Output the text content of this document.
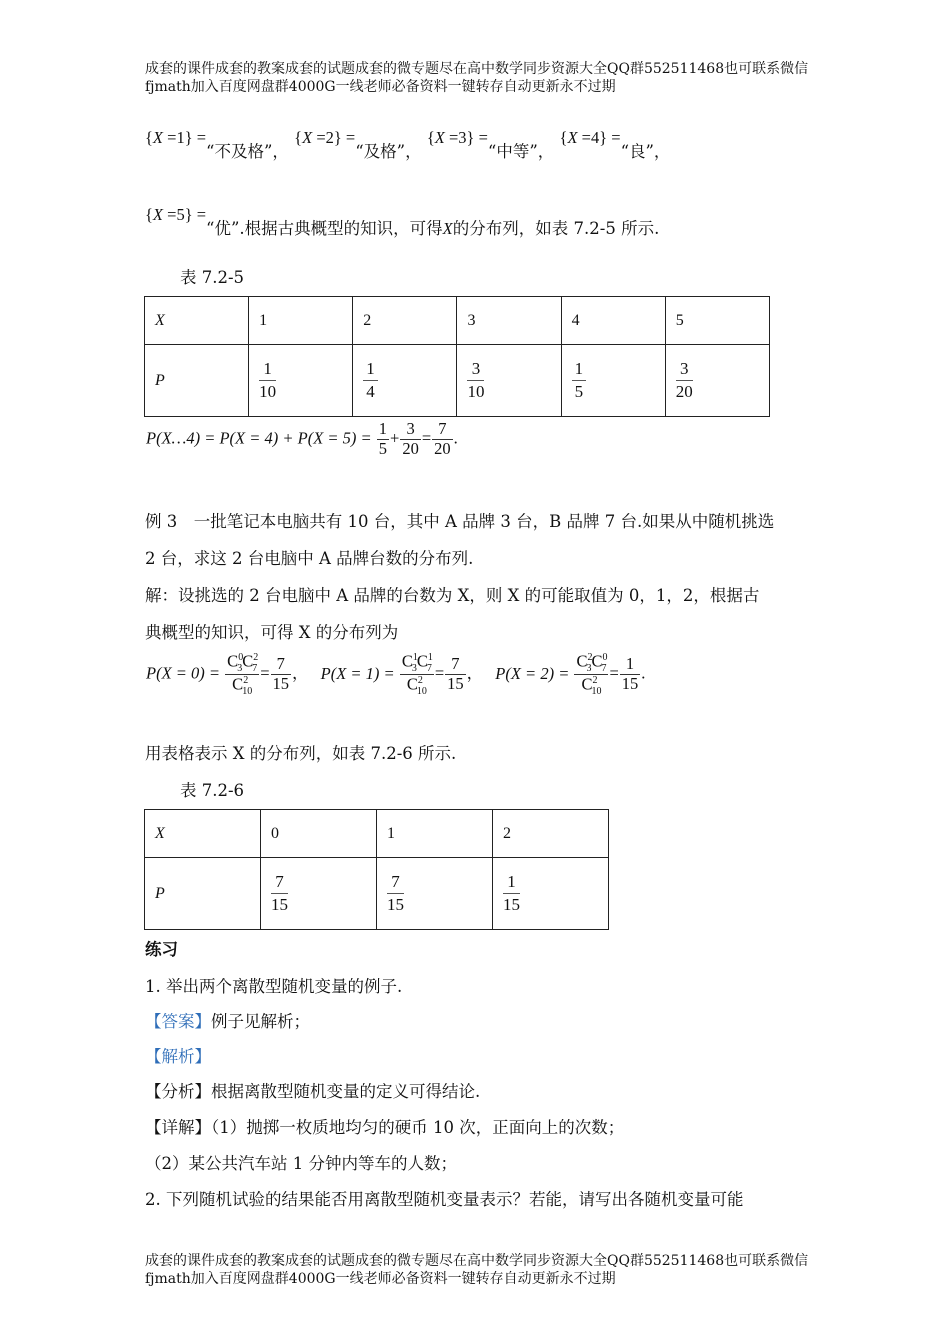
成套的课件成套的教案成套的试题成套的微专题尽在高中数学同步资源大全QQ群552511468也可联系微信fjmath加入百度网盘群4000G一线老师必备资料一键转存自动更新永不过期
{X =1} =“不及格”， {X =2} =“及格”， {X =3} =“中等”， {X =4} =“良”，
{X =5} =“优”.根据古典概型的知识，可得X的分布列，如表 7.2-5 所示.
表 7.2-5
X	1	2	3	4	5
P	$\frac{1}{10}$	$\frac{1}{4}$	$\frac{3}{10}$	$\frac{1}{5}$	$\frac{3}{20}$
P(X…4) = $P(X = 4) + P(X = 5) = \frac{1}{5} + \frac{3}{20} = \frac{7}{20}$ .
例 3　一批笔记本电脑共有 10 台，其中 A 品牌 3 台，B 品牌 7 台.如果从中随机挑选
2 台，求这 2 台电脑中 A 品牌台数的分布列.
解：设挑选的 2 台电脑中 A 品牌的台数为 X，则 X 的可能取值为 0，1，2，根据古
典概型的知识，可得 X 的分布列为
$P(X = 0) = \frac{C^0_3C^2_7}{C^2_{10}} = \frac{7}{15}$ ， $P(X = 1) = \frac{C^1_3C^1_7}{C^2_{10}} = \frac{7}{15}$ ， $P(X = 2) = \frac{C^2_3C^0_7}{C^2_{10}} = \frac{1}{15}$ .
用表格表示 X 的分布列，如表 7.2-6 所示.
表 7.2-6
X	0	1	2
P	$\frac{7}{15}$	$\frac{7}{15}$	$\frac{1}{15}$
练习
1. 举出两个离散型随机变量的例子.
【答案】例子见解析；
【解析】
【分析】根据离散型随机变量的定义可得结论.
【详解】（1）抛掷一枚质地均匀的硬币 10 次，正面向上的次数；
（2）某公共汽车站 1 分钟内等车的人数；
2. 下列随机试验的结果能否用离散型随机变量表示？若能，请写出各随机变量可能
成套的课件成套的教案成套的试题成套的微专题尽在高中数学同步资源大全QQ群552511468也可联系微信fjmath加入百度网盘群4000G一线老师必备资料一键转存自动更新永不过期
